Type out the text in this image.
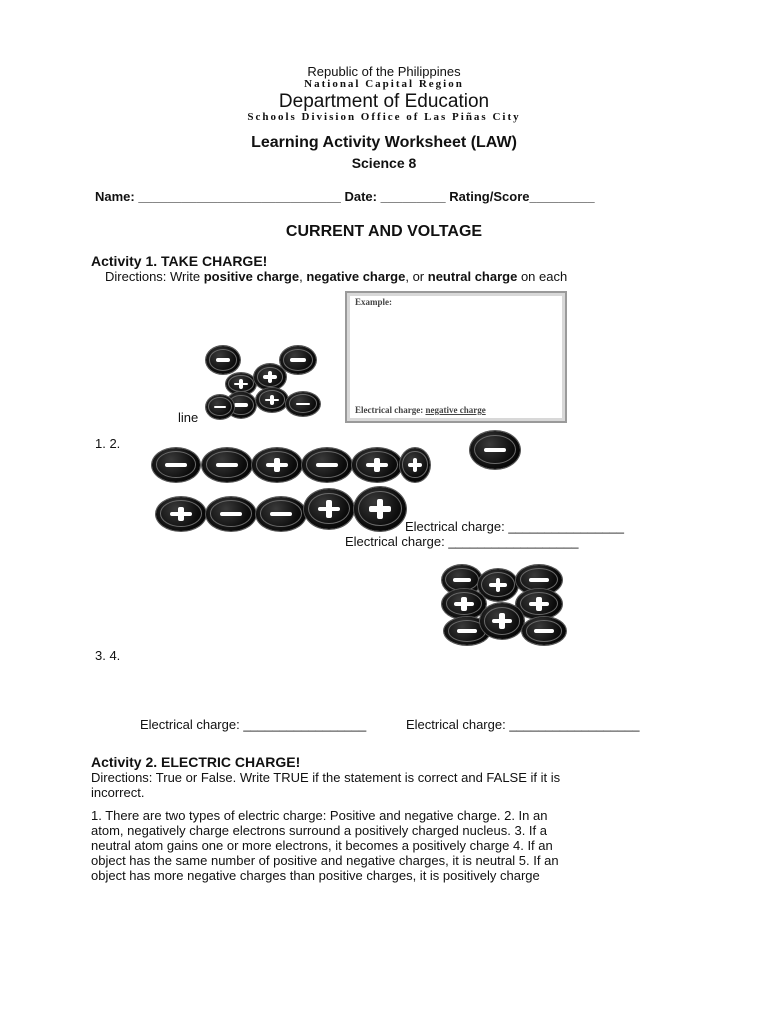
Republic of the Philippines
National Capital Region
Department of Education
Schools Division Office of Las Piñas City
Learning Activity Worksheet (LAW)
Science 8
Name: ____________________________ Date: _________ Rating/Score_________
CURRENT AND VOLTAGE
Activity 1. TAKE CHARGE!
Directions: Write positive charge, negative charge, or neutral charge on each
line
Example:
Electrical charge: negative charge
1. 2.
Electrical charge: ________________
Electrical charge: __________________
3. 4.
Electrical charge: _________________	Electrical charge: __________________
Activity 2. ELECTRIC CHARGE!
Directions: True or False. Write TRUE if the statement is correct and FALSE if it is
incorrect.
1. There are two types of electric charge: Positive and negative charge. 2. In an
atom, negatively charge electrons surround a positively charged nucleus. 3. If a
neutral atom gains one or more electrons, it becomes a positively charge 4. If an
object has the same number of positive and negative charges, it is neutral 5. If an
object has more negative charges than positive charges, it is positively charge
